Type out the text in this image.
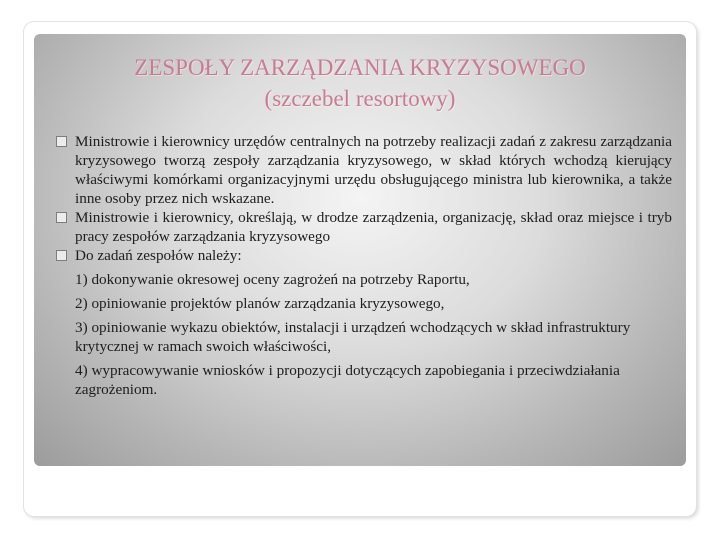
ZESPOŁY ZARZĄDZANIA KRYZYSOWEGO
(szczebel resortowy)
Ministrowie i kierownicy urzędów centralnych na potrzeby realizacji zadań z zakresu zarządzania kryzysowego tworzą zespoły zarządzania kryzysowego, w skład których wchodzą kierujący właściwymi komórkami organizacyjnymi urzędu obsługującego ministra lub kierownika, a także inne osoby przez nich wskazane.
Ministrowie i kierownicy, określają, w drodze zarządzenia, organizację, skład oraz miejsce i tryb pracy zespołów zarządzania kryzysowego
Do zadań zespołów należy:
1) dokonywanie okresowej oceny zagrożeń na potrzeby Raportu,
2) opiniowanie projektów planów zarządzania kryzysowego,
3) opiniowanie wykazu obiektów, instalacji i urządzeń wchodzących w skład infrastruktury krytycznej w ramach swoich właściwości,
4) wypracowywanie wniosków i propozycji dotyczących zapobiegania i przeciwdziałania zagrożeniom.
